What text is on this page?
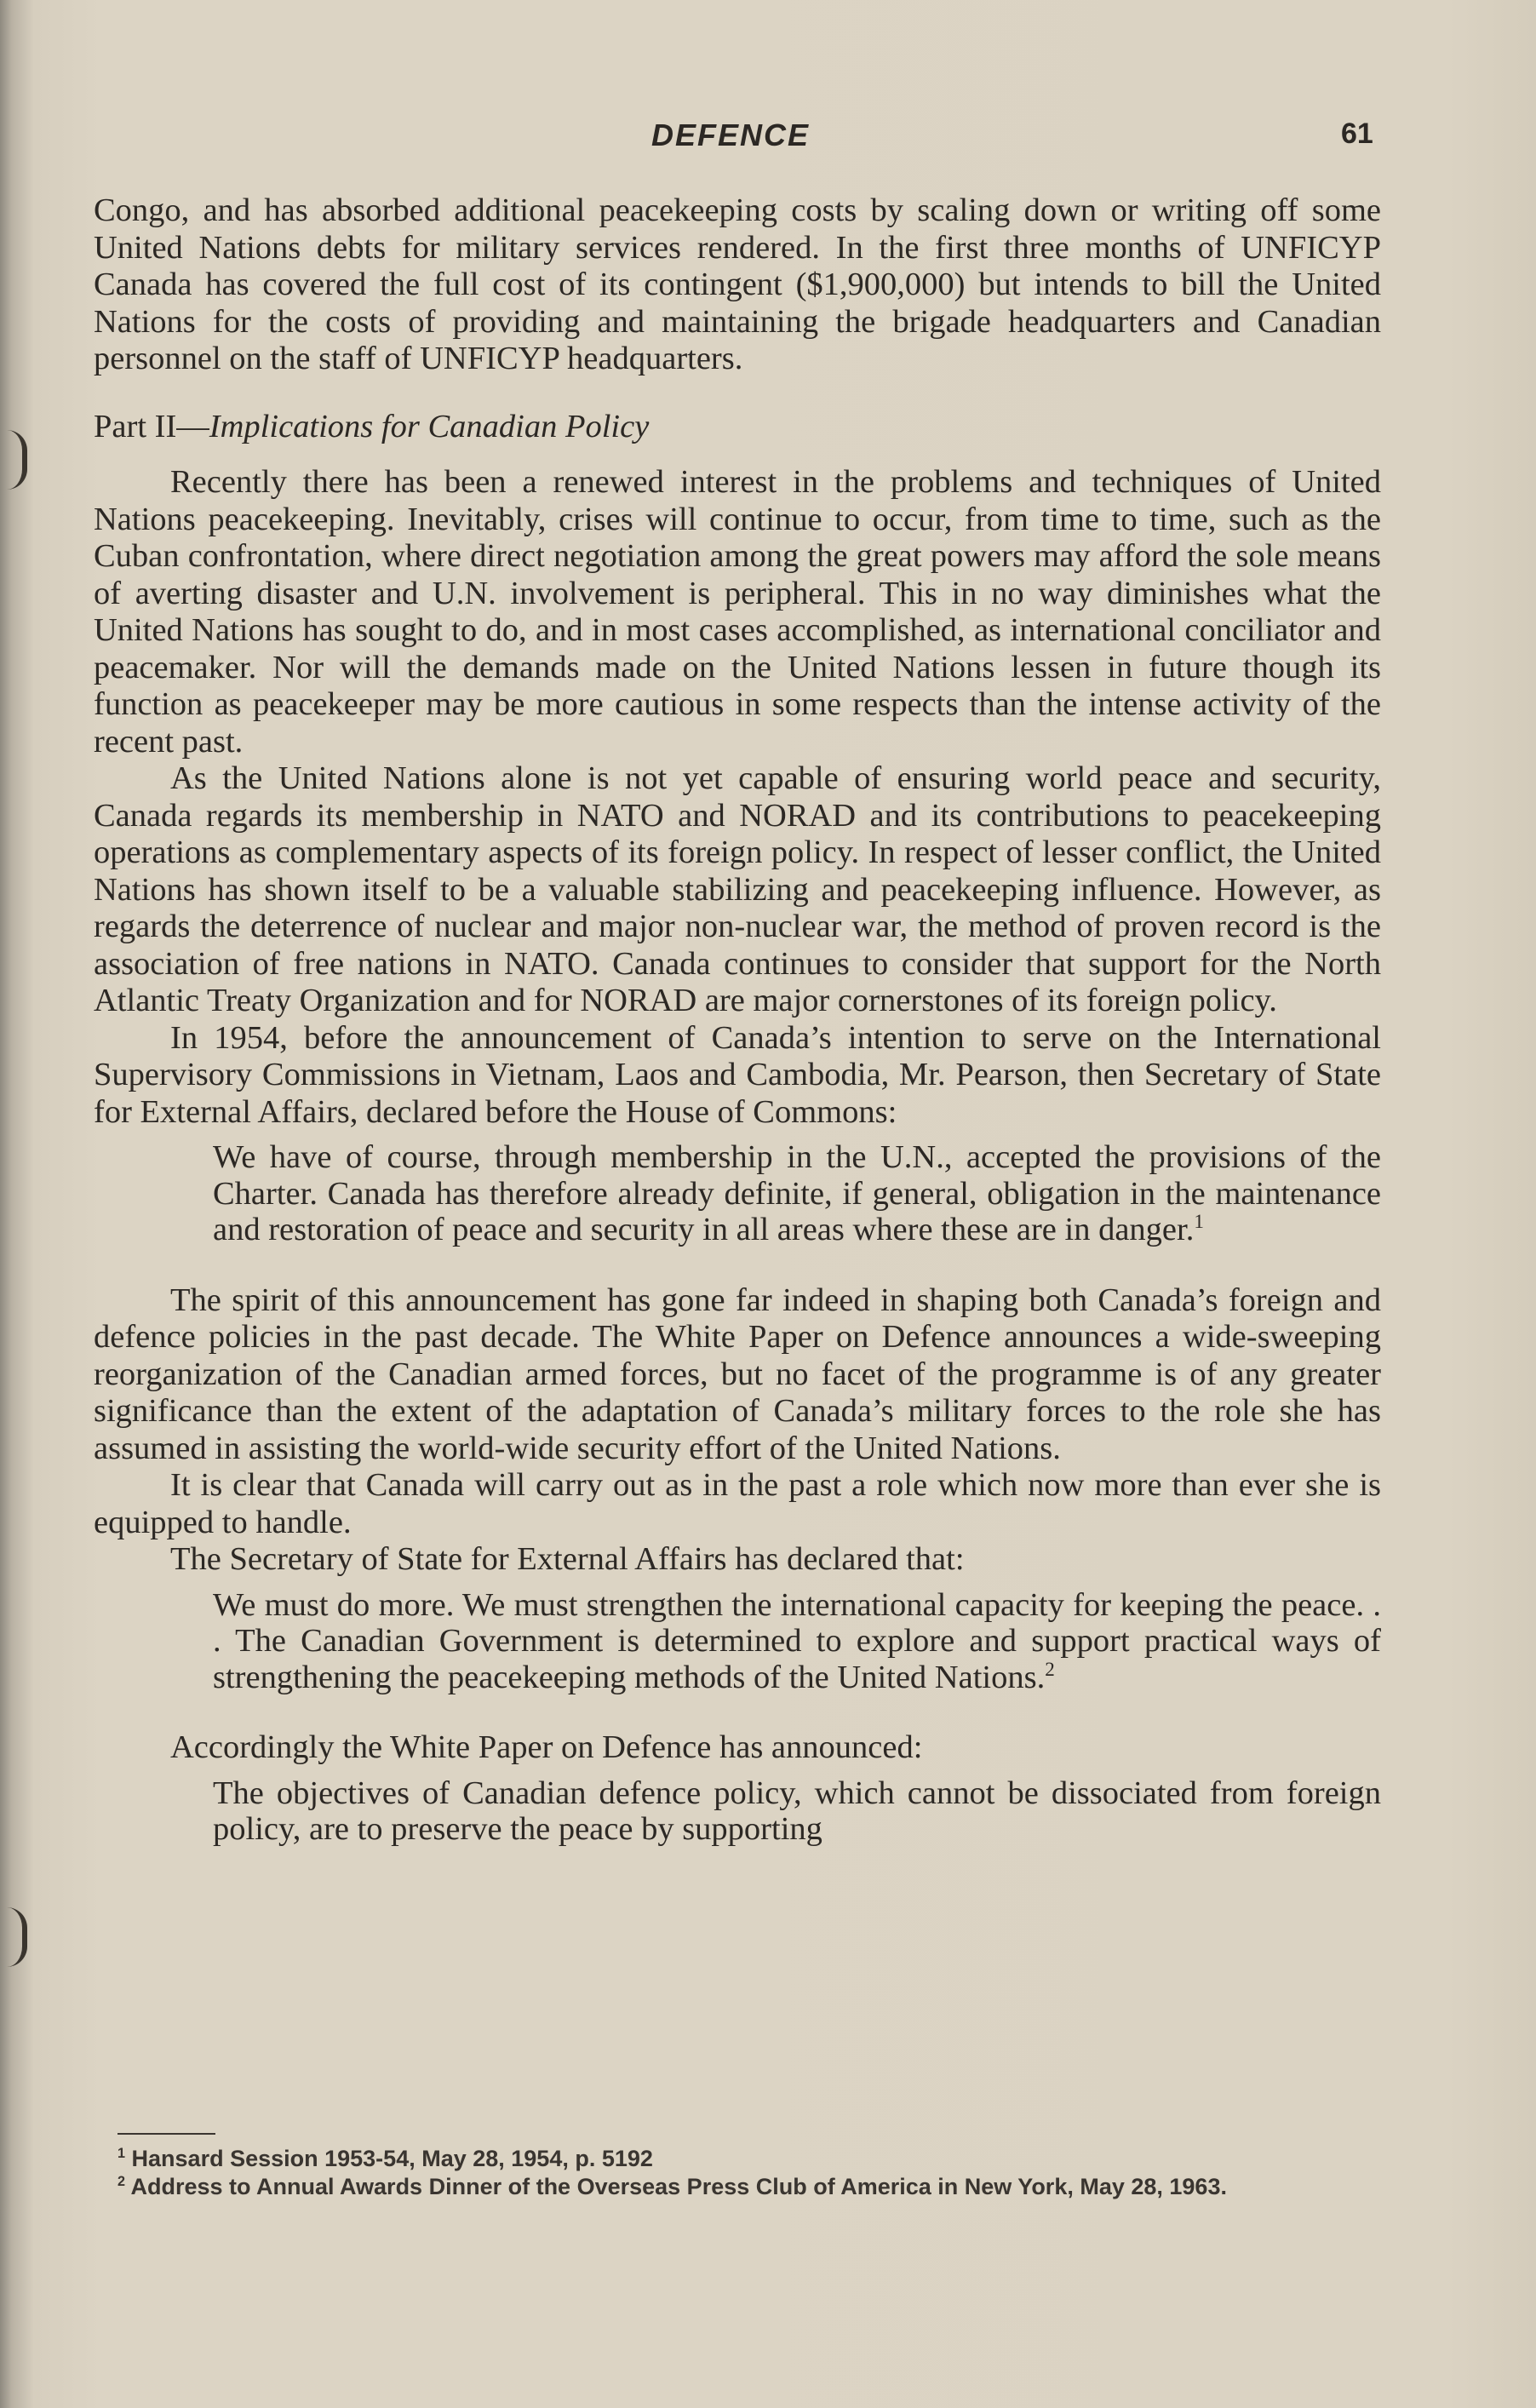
DEFENCE	61

Congo, and has absorbed additional peacekeeping costs by scaling down or writing off some United Nations debts for military services rendered. In the first three months of UNFICYP Canada has covered the full cost of its contingent ($1,900,000) but intends to bill the United Nations for the costs of providing and maintaining the brigade headquarters and Canadian personnel on the staff of UNFICYP headquarters.

Part II—Implications for Canadian Policy

Recently there has been a renewed interest in the problems and techniques of United Nations peacekeeping. Inevitably, crises will continue to occur, from time to time, such as the Cuban confrontation, where direct negotiation among the great powers may afford the sole means of averting disaster and U.N. involvement is peripheral. This in no way diminishes what the United Nations has sought to do, and in most cases accomplished, as international conciliator and peacemaker. Nor will the demands made on the United Nations lessen in future though its function as peacekeeper may be more cautious in some respects than the intense activity of the recent past.

As the United Nations alone is not yet capable of ensuring world peace and security, Canada regards its membership in NATO and NORAD and its contributions to peacekeeping operations as complementary aspects of its foreign policy. In respect of lesser conflict, the United Nations has shown itself to be a valuable stabilizing and peacekeeping influence. However, as regards the deterrence of nuclear and major non-nuclear war, the method of proven record is the association of free nations in NATO. Canada continues to consider that support for the North Atlantic Treaty Organization and for NORAD are major cornerstones of its foreign policy.

In 1954, before the announcement of Canada’s intention to serve on the International Supervisory Commissions in Vietnam, Laos and Cambodia, Mr. Pearson, then Secretary of State for External Affairs, declared before the House of Commons:

We have of course, through membership in the U.N., accepted the provisions of the Charter. Canada has therefore already definite, if general, obligation in the maintenance and restoration of peace and security in all areas where these are in danger.$^1$

The spirit of this announcement has gone far indeed in shaping both Canada’s foreign and defence policies in the past decade. The White Paper on Defence announces a wide-sweeping reorganization of the Canadian armed forces, but no facet of the programme is of any greater significance than the extent of the adaptation of Canada’s military forces to the role she has assumed in assisting the world-wide security effort of the United Nations.

It is clear that Canada will carry out as in the past a role which now more than ever she is equipped to handle.

The Secretary of State for External Affairs has declared that:

We must do more. We must strengthen the international capacity for keeping the peace. . . The Canadian Government is determined to explore and support practical ways of strengthening the peacekeeping methods of the United Nations.$^2$

Accordingly the White Paper on Defence has announced:

The objectives of Canadian defence policy, which cannot be dissociated from foreign policy, are to preserve the peace by supporting

$^1$ Hansard Session 1953-54, May 28, 1954, p. 5192

$^2$ Address to Annual Awards Dinner of the Overseas Press Club of America in New York, May 28, 1963.
